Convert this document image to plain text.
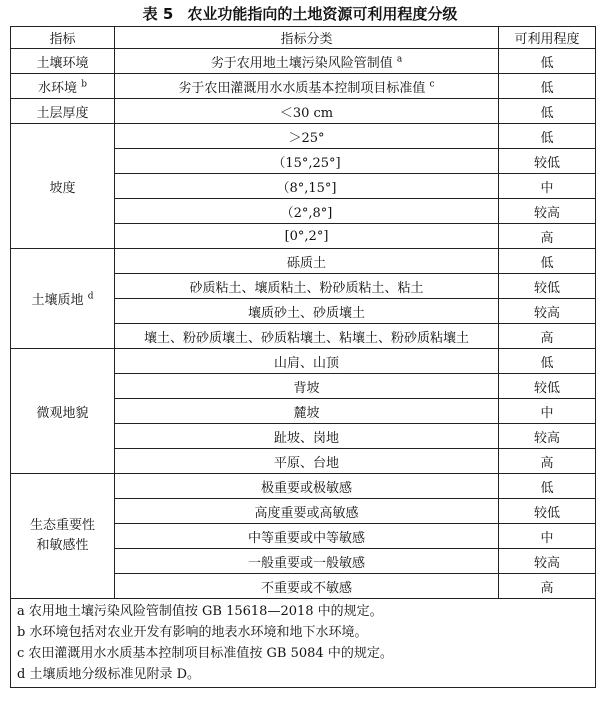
表 5 农业功能指向的土地资源可利用程度分级
指标	指标分类	可利用程度
土壤环境	劣于农用地土壤污染风险管制值 $^a$	低
水环境 $^b$	劣于农田灌溉用水水质基本控制项目标准值 $^c$	低
土层厚度	＜30 cm	低
坡度	＞25°	低
	（15°,25°]	较低
	（8°,15°]	中
	（2°,8°]	较高
	[0°,2°]	高
土壤质地 $^d$	砾质土	低
	砂质粘土、壤质粘土、粉砂质粘土、粘土	较低
	壤质砂土、砂质壤土	较高
	壤土、粉砂质壤土、砂质粘壤土、粘壤土、粉砂质粘壤土	高
微观地貌	山肩、山顶	低
	背坡	较低
	麓坡	中
	趾坡、岗地	较高
	平原、台地	高

生态重要性
和敏感性	极重要或极敏感	低
	高度重要或高敏感	较低
	中等重要或中等敏感	中
	一般重要或一般敏感	较高
	不重要或不敏感	高

a 农用地土壤污染风险管制值按 GB 15618—2018 中的规定。
b 水环境包括对农业开发有影响的地表水环境和地下水环境。
c 农田灌溉用水水质基本控制项目标准值按 GB 5084 中的规定。
d 土壤质地分级标准见附录 D。		
